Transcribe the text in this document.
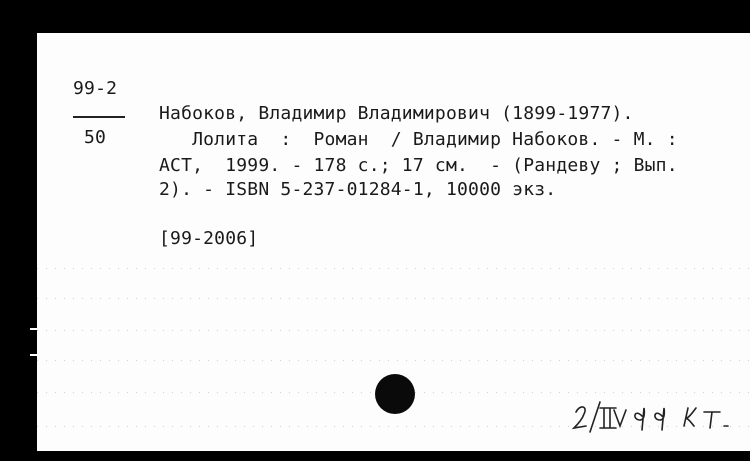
99-2
50
Набоков, Владимир Владимирович (1899-1977).
Лолита  :  Роман  / Владимир Набоков. - М. :
АСТ,  1999. - 178 с.; 17 см.  - (Рандеву ; Вып.
2). - ISBN 5-237-01284-1, 10000 экз.
[99-2006]
